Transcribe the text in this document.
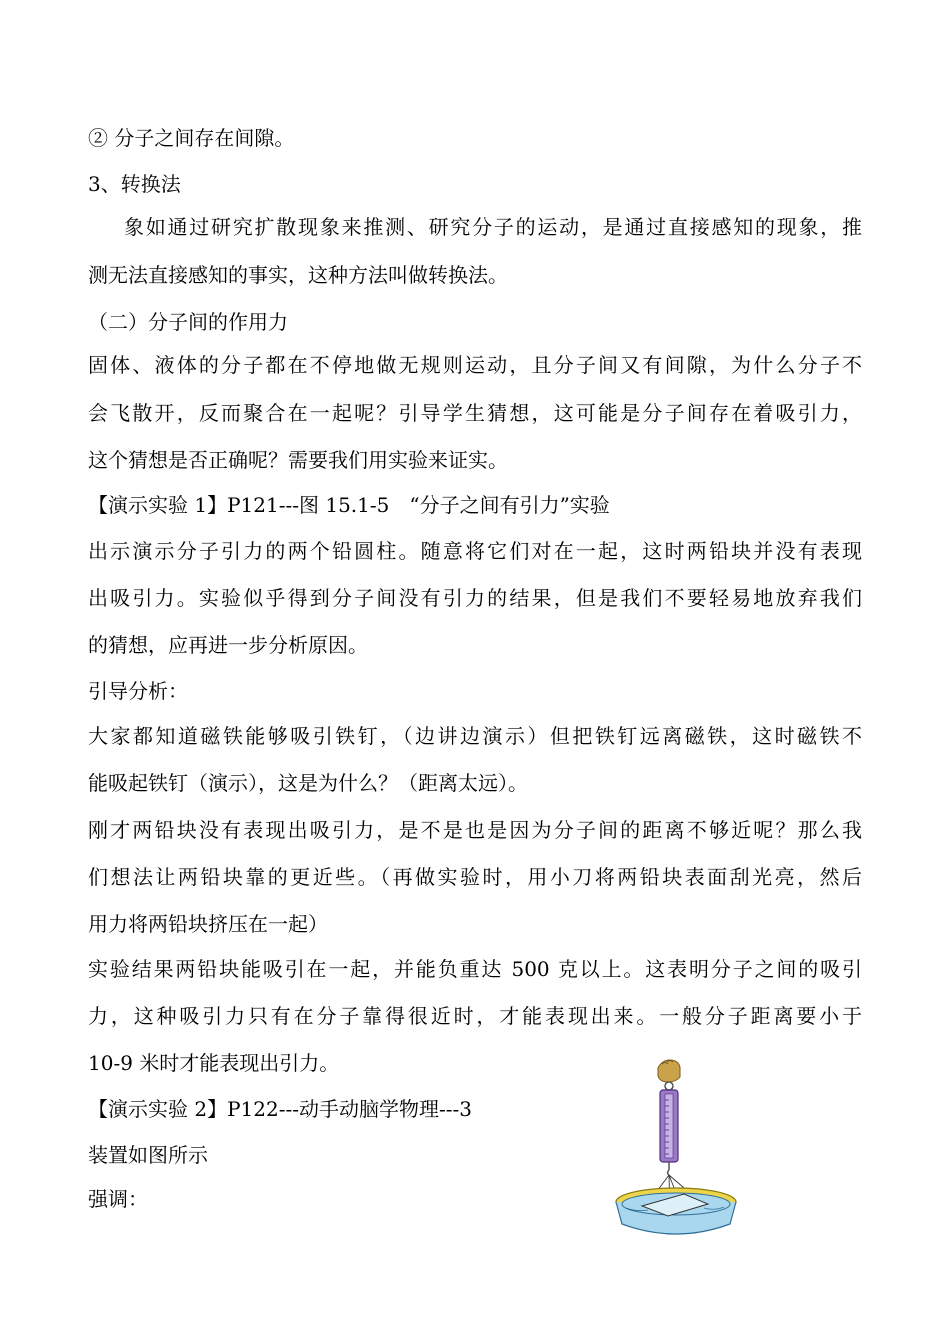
② 分子之间存在间隙。

3、转换法

象如通过研究扩散现象来推测、研究分子的运动，是通过直接感知的现象，推

测无法直接感知的事实，这种方法叫做转换法。

（二）分子间的作用力

固体、液体的分子都在不停地做无规则运动，且分子间又有间隙，为什么分子不

会飞散开，反而聚合在一起呢？引导学生猜想，这可能是分子间存在着吸引力，

这个猜想是否正确呢？需要我们用实验来证实。

【演示实验 1】P121---图 15.1-5　“分子之间有引力”实验

出示演示分子引力的两个铅圆柱。随意将它们对在一起，这时两铅块并没有表现

出吸引力。实验似乎得到分子间没有引力的结果，但是我们不要轻易地放弃我们

的猜想，应再进一步分析原因。

引导分析：

大家都知道磁铁能够吸引铁钉，（边讲边演示）但把铁钉远离磁铁，这时磁铁不

能吸起铁钉（演示），这是为什么？（距离太远）。

刚才两铅块没有表现出吸引力，是不是也是因为分子间的距离不够近呢？那么我

们想法让两铅块靠的更近些。（再做实验时，用小刀将两铅块表面刮光亮，然后

用力将两铅块挤压在一起）

实验结果两铅块能吸引在一起，并能负重达 500 克以上。这表明分子之间的吸引

力，这种吸引力只有在分子靠得很近时，才能表现出来。一般分子距离要小于

10-9 米时才能表现出引力。

【演示实验 2】P122---动手动脑学物理---3

装置如图所示

强调：
